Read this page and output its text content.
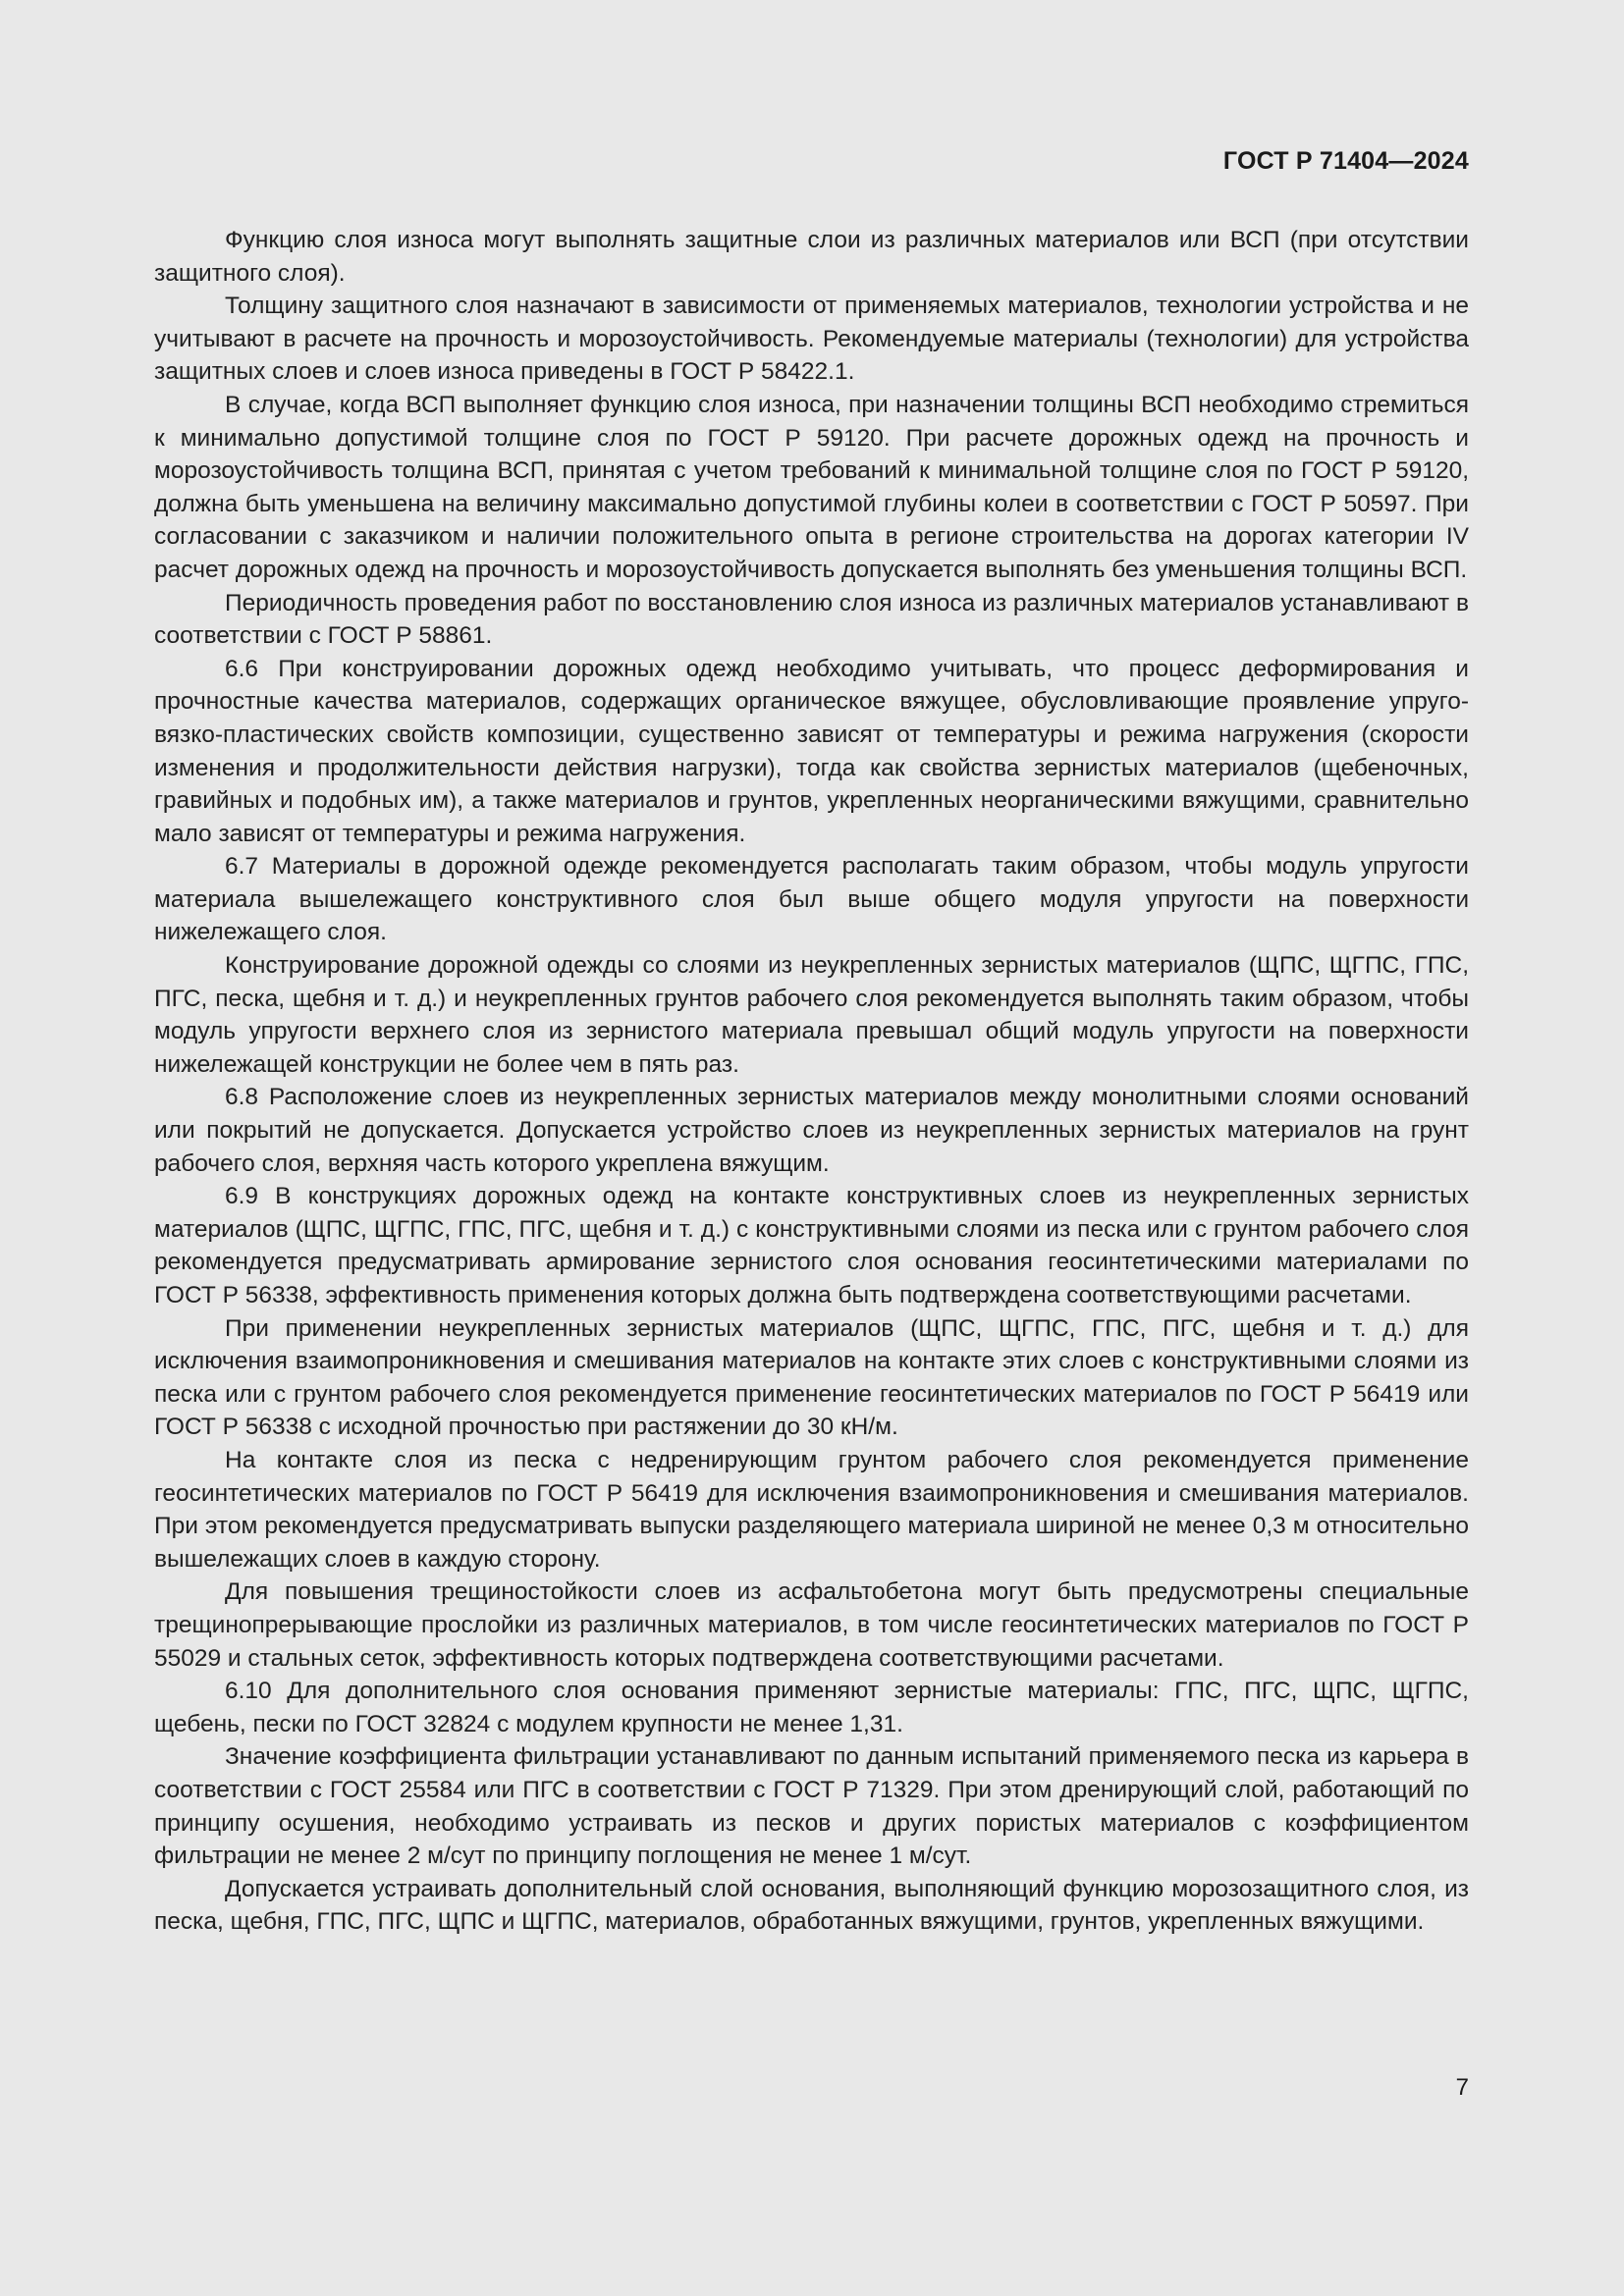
ГОСТ Р 71404—2024

Функцию слоя износа могут выполнять защитные слои из различных материалов или ВСП (при отсутствии защитного слоя).

Толщину защитного слоя назначают в зависимости от применяемых материалов, технологии устройства и не учитывают в расчете на прочность и морозоустойчивость. Рекомендуемые материалы (технологии) для устройства защитных слоев и слоев износа приведены в ГОСТ Р 58422.1.

В случае, когда ВСП выполняет функцию слоя износа, при назначении толщины ВСП необходимо стремиться к минимально допустимой толщине слоя по ГОСТ Р 59120. При расчете дорожных одежд на прочность и морозоустойчивость толщина ВСП, принятая с учетом требований к минимальной толщине слоя по ГОСТ Р 59120, должна быть уменьшена на величину максимально допустимой глубины колеи в соответствии с ГОСТ Р 50597. При согласовании с заказчиком и наличии положительного опыта в регионе строительства на дорогах категории IV расчет дорожных одежд на прочность и морозоустойчивость допускается выполнять без уменьшения толщины ВСП.

Периодичность проведения работ по восстановлению слоя износа из различных материалов устанавливают в соответствии с ГОСТ Р 58861.

6.6 При конструировании дорожных одежд необходимо учитывать, что процесс деформирования и прочностные качества материалов, содержащих органическое вяжущее, обусловливающие проявление упруго-вязко-пластических свойств композиции, существенно зависят от температуры и режима нагружения (скорости изменения и продолжительности действия нагрузки), тогда как свойства зернистых материалов (щебеночных, гравийных и подобных им), а также материалов и грунтов, укрепленных неорганическими вяжущими, сравнительно мало зависят от температуры и режима нагружения.

6.7 Материалы в дорожной одежде рекомендуется располагать таким образом, чтобы модуль упругости материала вышележащего конструктивного слоя был выше общего модуля упругости на поверхности нижележащего слоя.

Конструирование дорожной одежды со слоями из неукрепленных зернистых материалов (ЩПС, ЩГПС, ГПС, ПГС, песка, щебня и т. д.) и неукрепленных грунтов рабочего слоя рекомендуется выполнять таким образом, чтобы модуль упругости верхнего слоя из зернистого материала превышал общий модуль упругости на поверхности нижележащей конструкции не более чем в пять раз.

6.8 Расположение слоев из неукрепленных зернистых материалов между монолитными слоями оснований или покрытий не допускается. Допускается устройство слоев из неукрепленных зернистых материалов на грунт рабочего слоя, верхняя часть которого укреплена вяжущим.

6.9 В конструкциях дорожных одежд на контакте конструктивных слоев из неукрепленных зернистых материалов (ЩПС, ЩГПС, ГПС, ПГС, щебня и т. д.) с конструктивными слоями из песка или с грунтом рабочего слоя рекомендуется предусматривать армирование зернистого слоя основания геосинтетическими материалами по ГОСТ Р 56338, эффективность применения которых должна быть подтверждена соответствующими расчетами.

При применении неукрепленных зернистых материалов (ЩПС, ЩГПС, ГПС, ПГС, щебня и т. д.) для исключения взаимопроникновения и смешивания материалов на контакте этих слоев с конструктивными слоями из песка или с грунтом рабочего слоя рекомендуется применение геосинтетических материалов по ГОСТ Р 56419 или ГОСТ Р 56338 с исходной прочностью при растяжении до 30 кН/м.

На контакте слоя из песка с недренирующим грунтом рабочего слоя рекомендуется применение геосинтетических материалов по ГОСТ Р 56419 для исключения взаимопроникновения и смешивания материалов. При этом рекомендуется предусматривать выпуски разделяющего материала шириной не менее 0,3 м относительно вышележащих слоев в каждую сторону.

Для повышения трещиностойкости слоев из асфальтобетона могут быть предусмотрены специальные трещинопрерывающие прослойки из различных материалов, в том числе геосинтетических материалов по ГОСТ Р 55029 и стальных сеток, эффективность которых подтверждена соответствующими расчетами.

6.10 Для дополнительного слоя основания применяют зернистые материалы: ГПС, ПГС, ЩПС, ЩГПС, щебень, пески по ГОСТ 32824 с модулем крупности не менее 1,31.

Значение коэффициента фильтрации устанавливают по данным испытаний применяемого песка из карьера в соответствии с ГОСТ 25584 или ПГС в соответствии с ГОСТ Р 71329. При этом дренирующий слой, работающий по принципу осушения, необходимо устраивать из песков и других пористых материалов с коэффициентом фильтрации не менее 2 м/сут по принципу поглощения не менее 1 м/сут.

Допускается устраивать дополнительный слой основания, выполняющий функцию морозозащитного слоя, из песка, щебня, ГПС, ПГС, ЩПС и ЩГПС, материалов, обработанных вяжущими, грунтов, укрепленных вяжущими.

7
